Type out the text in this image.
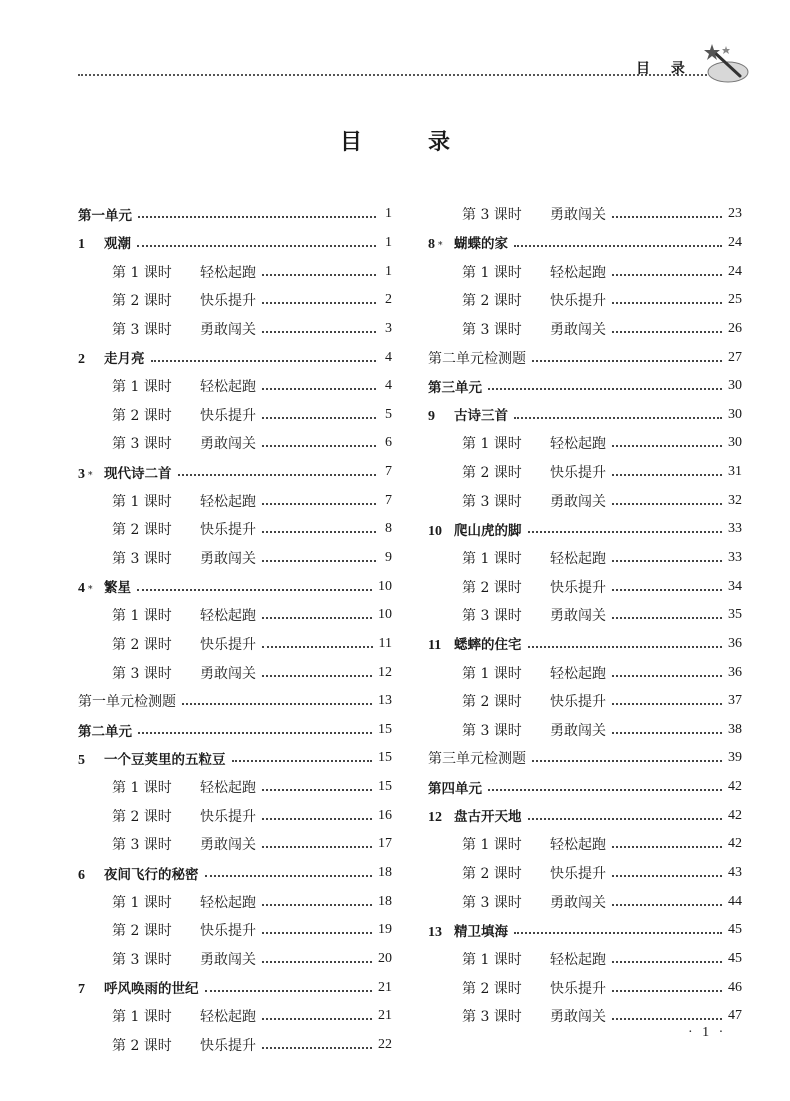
目 录
目　录
第一单元	1
1	观潮	1
第 1 课时	轻松起跑	1
第 2 课时	快乐提升	2
第 3 课时	勇敢闯关	3
2	走月亮	4
第 1 课时	轻松起跑	4
第 2 课时	快乐提升	5
第 3 课时	勇敢闯关	6
3 * 现代诗二首	7
第 1 课时	轻松起跑	7
第 2 课时	快乐提升	8
第 3 课时	勇敢闯关	9
4 * 繁星	10
第 1 课时	轻松起跑	10
第 2 课时	快乐提升	11
第 3 课时	勇敢闯关	12
第一单元检测题	13
第二单元	15
5	一个豆荚里的五粒豆	15
第 1 课时	轻松起跑	15
第 2 课时	快乐提升	16
第 3 课时	勇敢闯关	17
6	夜间飞行的秘密	18
第 1 课时	轻松起跑	18
第 2 课时	快乐提升	19
第 3 课时	勇敢闯关	20
7	呼风唤雨的世纪	21
第 1 课时	轻松起跑	21
第 2 课时	快乐提升	22
第 3 课时	勇敢闯关	23
8 * 蝴蝶的家	24
第 1 课时	轻松起跑	24
第 2 课时	快乐提升	25
第 3 课时	勇敢闯关	26
第二单元检测题	27
第三单元	30
9	古诗三首	30
第 1 课时	轻松起跑	30
第 2 课时	快乐提升	31
第 3 课时	勇敢闯关	32
10 爬山虎的脚	33
第 1 课时	轻松起跑	33
第 2 课时	快乐提升	34
第 3 课时	勇敢闯关	35
11 蟋蟀的住宅	36
第 1 课时	轻松起跑	36
第 2 课时	快乐提升	37
第 3 课时	勇敢闯关	38
第三单元检测题	39
第四单元	42
12 盘古开天地	42
第 1 课时	轻松起跑	42
第 2 课时	快乐提升	43
第 3 课时	勇敢闯关	44
13 精卫填海	45
第 1 课时	轻松起跑	45
第 2 课时	快乐提升	46
第 3 课时	勇敢闯关	47
· 1 ·
